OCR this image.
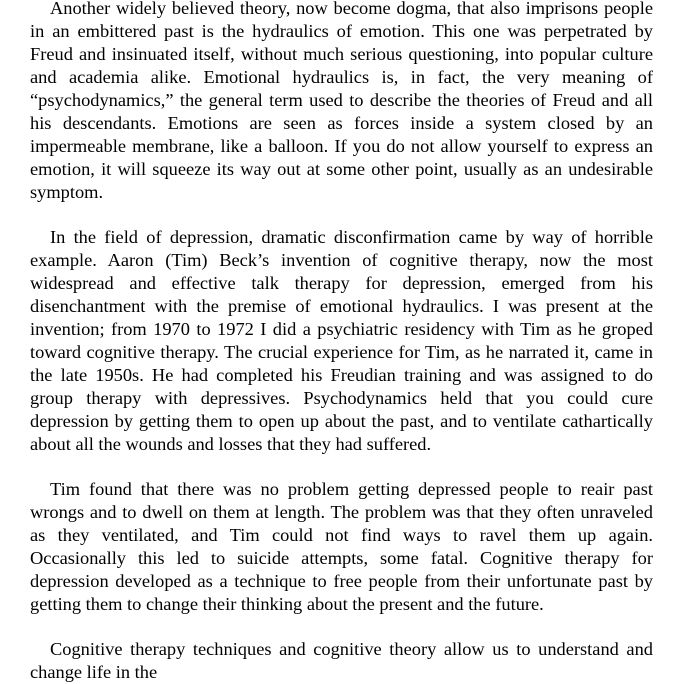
Another widely believed theory, now become dogma, that also imprisons people in an embittered past is the hydraulics of emotion. This one was perpetrated by Freud and insinuated itself, without much serious questioning, into popular culture and academia alike. Emotional hydraulics is, in fact, the very meaning of “psychodynamics,” the general term used to describe the theories of Freud and all his descendants. Emotions are seen as forces inside a system closed by an impermeable membrane, like a balloon. If you do not allow yourself to express an emotion, it will squeeze its way out at some other point, usually as an undesirable symptom.

In the field of depression, dramatic disconfirmation came by way of horrible example. Aaron (Tim) Beck’s invention of cognitive therapy, now the most widespread and effective talk therapy for depression, emerged from his disenchantment with the premise of emotional hydraulics. I was present at the invention; from 1970 to 1972 I did a psychiatric residency with Tim as he groped toward cognitive therapy. The crucial experience for Tim, as he narrated it, came in the late 1950s. He had completed his Freudian training and was assigned to do group therapy with depressives. Psychodynamics held that you could cure depression by getting them to open up about the past, and to ventilate cathartically about all the wounds and losses that they had suffered.

Tim found that there was no problem getting depressed people to reair past wrongs and to dwell on them at length. The problem was that they often unraveled as they ventilated, and Tim could not find ways to ravel them up again. Occasionally this led to suicide attempts, some fatal. Cognitive therapy for depression developed as a technique to free people from their unfortunate past by getting them to change their thinking about the present and the future.

Cognitive therapy techniques and cognitive theory allow us to understand and change life in the
